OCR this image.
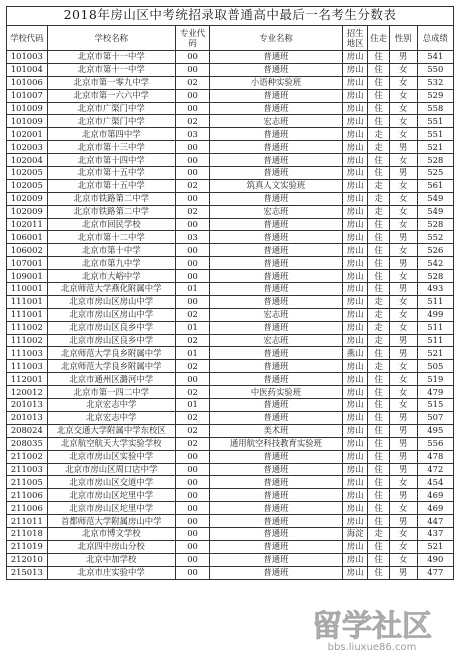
2018年房山区中考统招录取普通高中最后一名考生分数表
学校代码	学校名称	专业代码	专业名称	招生地区	住走	性别	总成绩
101003	北京市第十一中学	00	普通班	房山	住	男	541
101004	北京市第十一中学	00	普通班	房山	住	女	550
101006	北京市第一零九中学	02	小语种实验班	房山	住	女	532
101007	北京市第一六六中学	00	普通班	房山	住	女	529
101009	北京市广渠门中学	00	普通班	房山	住	女	558
101009	北京市广渠门中学	02	宏志班	房山	住	女	551
102001	北京市第四中学	03	普通班	房山	走	女	551
102003	北京市第十三中学	00	普通班	房山	走	男	521
102004	北京市第十四中学	00	普通班	房山	住	女	528
102005	北京市第十五中学	00	普通班	房山	住	男	525
102005	北京市第十五中学	02	筑真人文实验班	房山	走	女	561
102009	北京市铁路第二中学	00	普通班	房山	走	女	549
102009	北京市铁路第二中学	02	宏志班	房山	走	女	549
102011	北京市回民学校	00	普通班	房山	住	女	528
106001	北京市第十二中学	03	普通班	房山	住	男	552
106002	北京市第十中学	00	普通班	房山	住	女	526
107001	北京市第九中学	00	普通班	房山	住	男	542
109001	北京市大峪中学	00	普通班	房山	住	女	528
110001	北京师范大学燕化附属中学	01	普通班	房山	住	男	493
111001	北京市房山区房山中学	00	普通班	房山	走	女	511
111001	北京市房山区房山中学	02	宏志班	房山	走	女	499
111002	北京市房山区良乡中学	01	普通班	房山	走	女	511
111002	北京市房山区良乡中学	02	宏志班	房山	走	男	511
111003	北京师范大学良乡附属中学	01	普通班	燕山	住	男	521
111003	北京师范大学良乡附属中学	02	普通班	房山	走	女	505
112001	北京市通州区潞河中学	00	普通班	房山	住	女	519
120012	北京市第一四二中学	02	中医药实验班	房山	住	女	479
201013	北京宏志中学	01	普通班	房山	住	女	515
201013	北京宏志中学	02	普通班	房山	住	男	507
208024	北京交通大学附属中学东校区	02	美术班	房山	住	男	495
208035	北京航空航天大学实验学校	02	通用航空科技教育实验班	房山	住	男	556
211002	北京市房山区实验中学	00	普通班	房山	住	男	478
211003	北京市房山区周口店中学	00	普通班	房山	住	男	472
211005	北京市房山区交道中学	00	普通班	房山	住	女	454
211006	北京市房山区坨里中学	00	普通班	房山	住	男	469
211006	北京市房山区坨里中学	00	普通班	房山	住	女	469
211011	首都师范大学附属房山中学	00	普通班	房山	住	男	447
211018	北京市博文学校	00	普通班	海淀	走	女	437
211019	北京四中房山分校	00	普通班	房山	住	女	521
212010	北京中加学校	00	普通班	房山	住	女	490
215013	北京市庄实验中学	00	普通班	房山	住	男	477
留学社区
bbs.liuxue86.com
